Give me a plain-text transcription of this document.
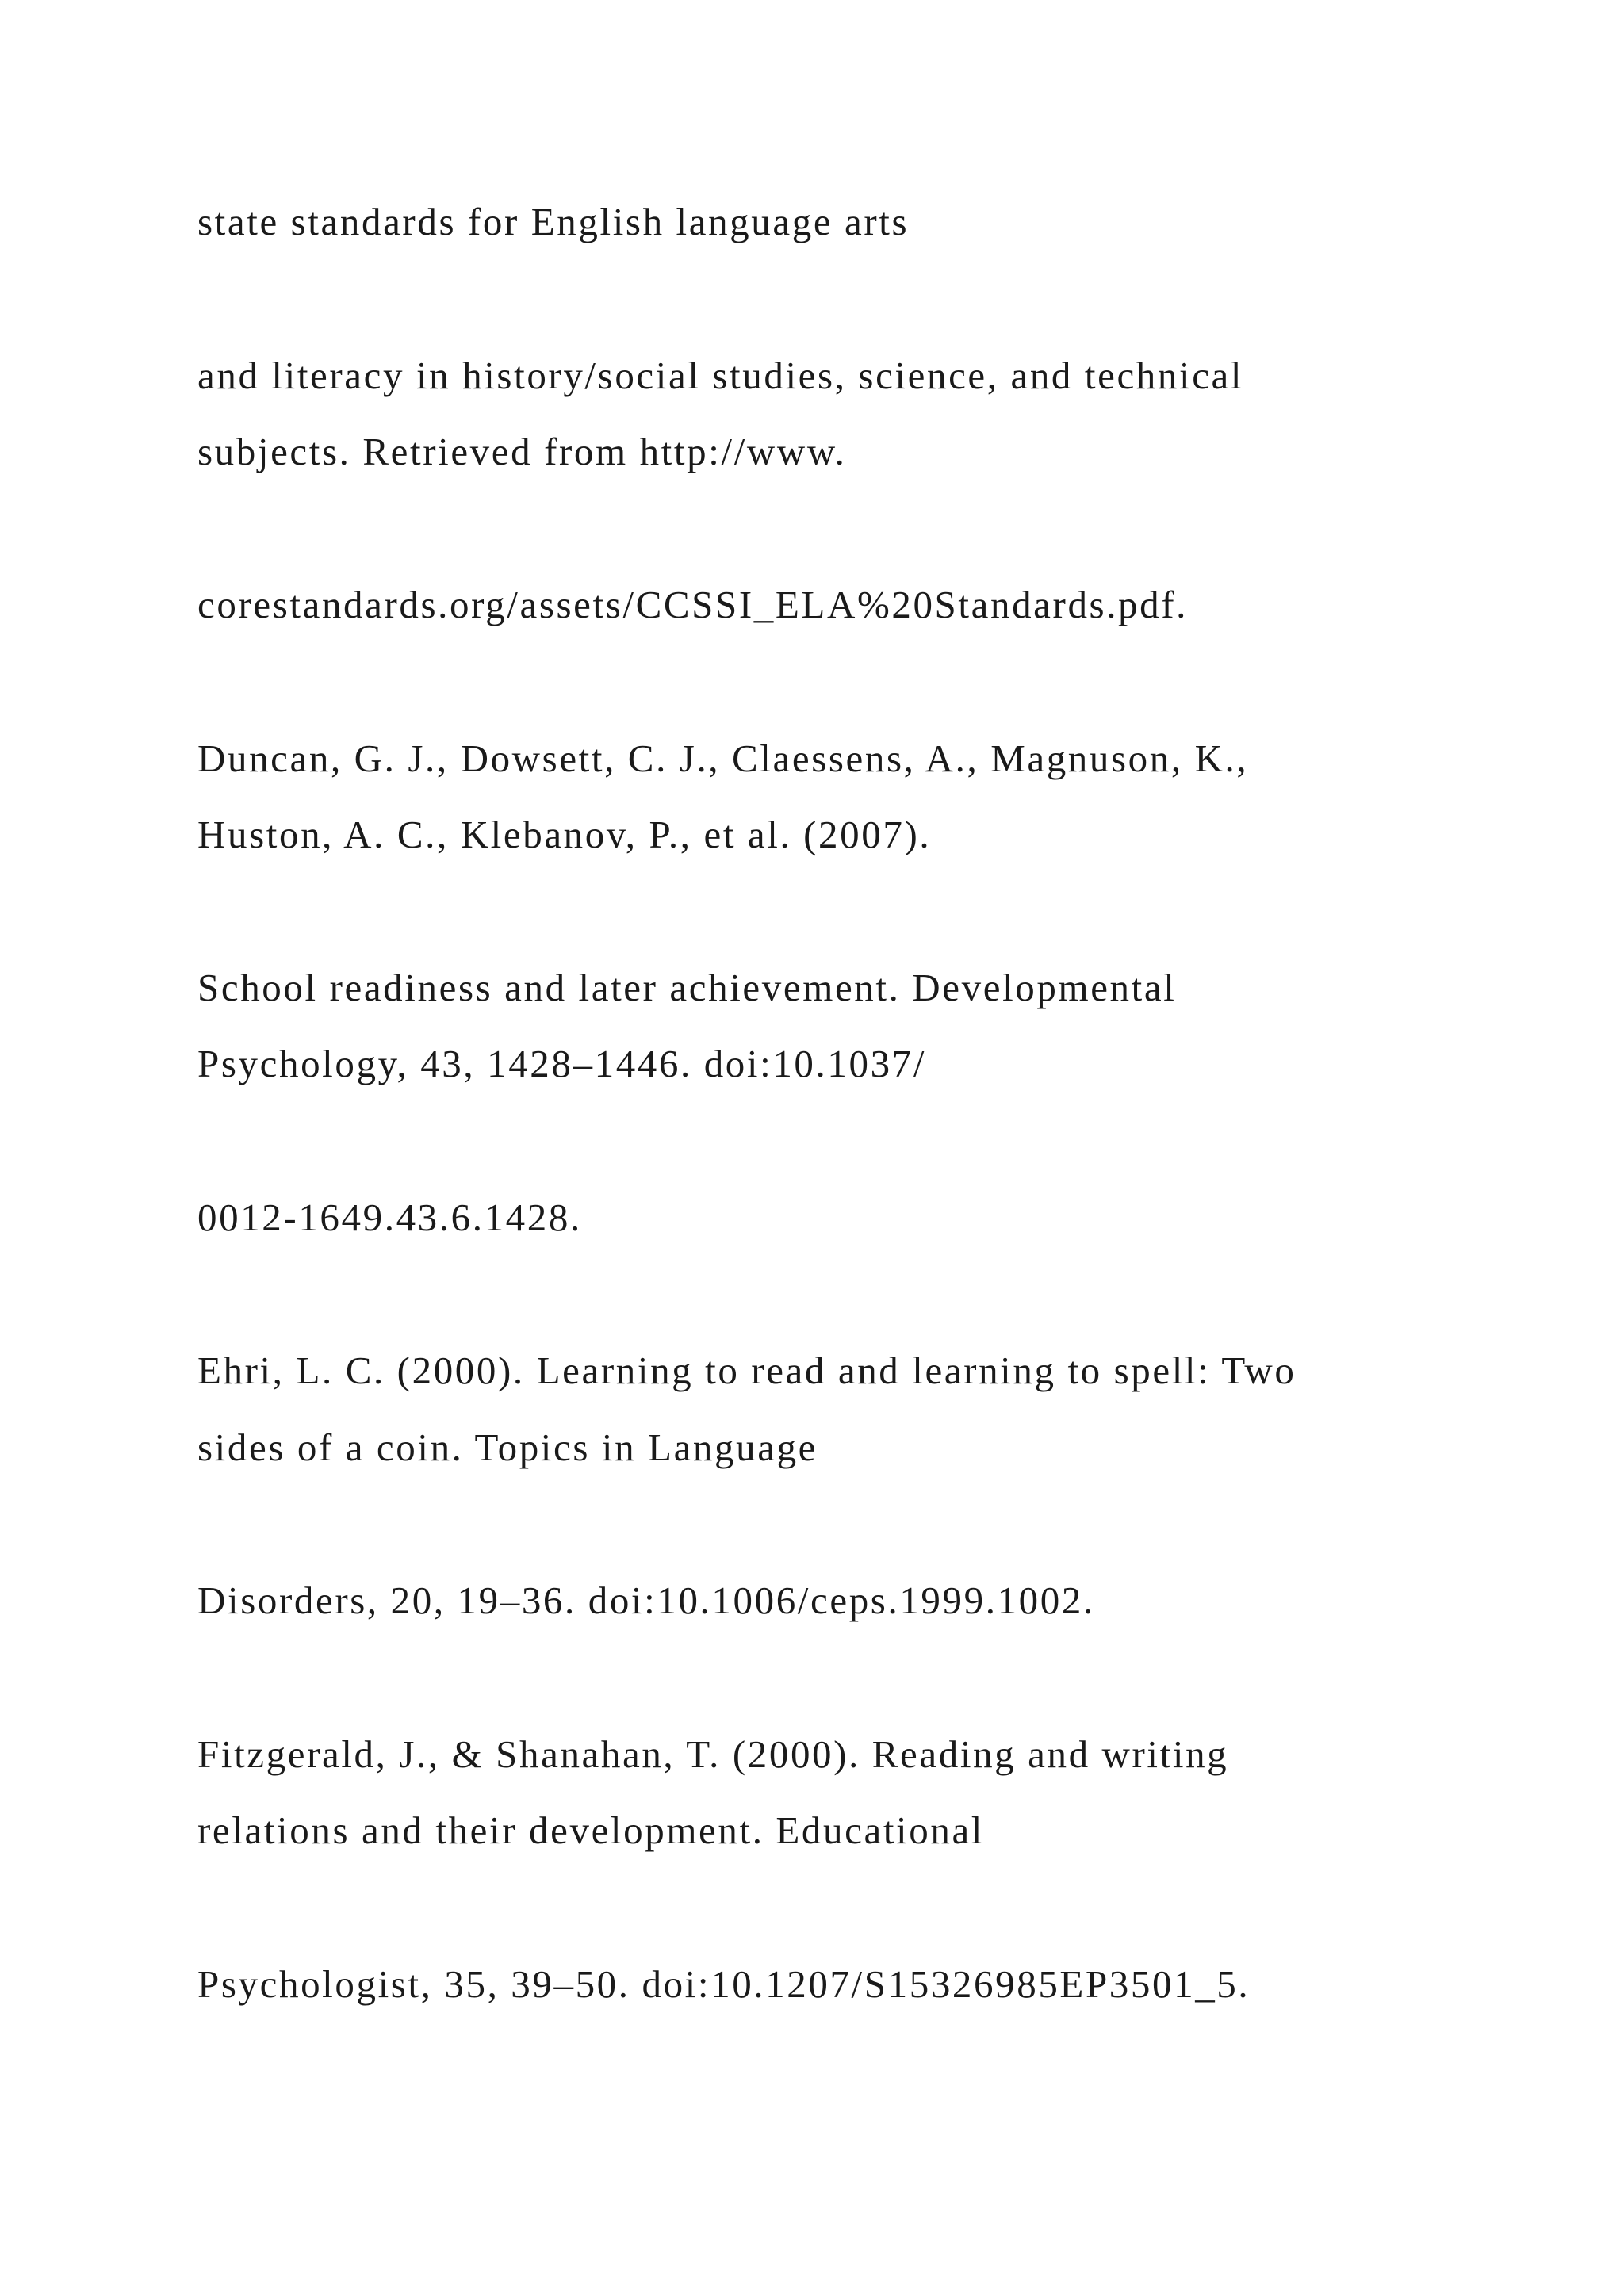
state standards for English language arts

and literacy in history/social studies, science, and technical

subjects. Retrieved from http://www.

corestandards.org/assets/CCSSI_ELA%20Standards.pdf.

Duncan, G. J., Dowsett, C. J., Claessens, A., Magnuson, K.,

Huston, A. C., Klebanov, P., et al. (2007).

School readiness and later achievement. Developmental

Psychology, 43, 1428–1446. doi:10.1037/

0012-1649.43.6.1428.

Ehri, L. C. (2000). Learning to read and learning to spell: Two

sides of a coin. Topics in Language

Disorders, 20, 19–36. doi:10.1006/ceps.1999.1002.

Fitzgerald, J., & Shanahan, T. (2000). Reading and writing

relations and their development. Educational

Psychologist, 35, 39–50. doi:10.1207/S15326985EP3501_5.
